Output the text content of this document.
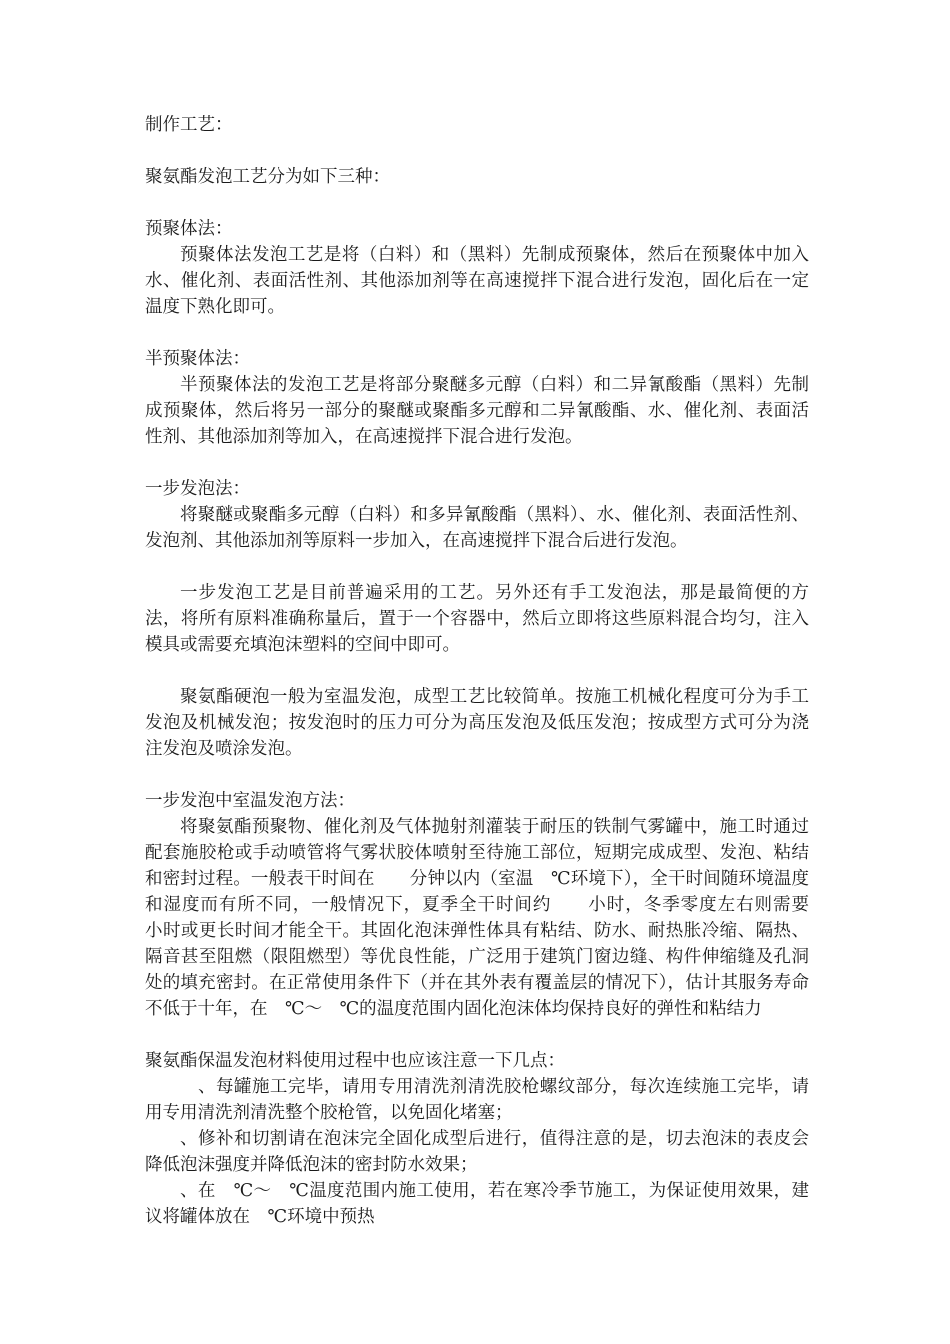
制作工艺：

聚氨酯发泡工艺分为如下三种：

预聚体法：

预聚体法发泡工艺是将（白料）和（黑料）先制成预聚体，然后在预聚体中加入水、催化剂、表面活性剂、其他添加剂等在高速搅拌下混合进行发泡，固化后在一定温度下熟化即可。

半预聚体法：

半预聚体法的发泡工艺是将部分聚醚多元醇（白料）和二异氰酸酯（黑料）先制成预聚体，然后将另一部分的聚醚或聚酯多元醇和二异氰酸酯、水、催化剂、表面活性剂、其他添加剂等加入，在高速搅拌下混合进行发泡。

一步发泡法：

将聚醚或聚酯多元醇（白料）和多异氰酸酯（黑料）、水、催化剂、表面活性剂、发泡剂、其他添加剂等原料一步加入，在高速搅拌下混合后进行发泡。

一步发泡工艺是目前普遍采用的工艺。另外还有手工发泡法，那是最简便的方法，将所有原料准确称量后，置于一个容器中，然后立即将这些原料混合均匀，注入模具或需要充填泡沫塑料的空间中即可。

聚氨酯硬泡一般为室温发泡，成型工艺比较简单。按施工机械化程度可分为手工发泡及机械发泡；按发泡时的压力可分为高压发泡及低压发泡；按成型方式可分为浇注发泡及喷涂发泡。

一步发泡中室温发泡方法：

将聚氨酯预聚物、催化剂及气体抛射剂灌装于耐压的铁制气雾罐中，施工时通过配套施胶枪或手动喷管将气雾状胶体喷射至待施工部位，短期完成成型、发泡、粘结和密封过程。一般表干时间在　　分钟以内（室温　℃环境下），全干时间随环境温度和湿度而有所不同，一般情况下，夏季全干时间约　　小时，冬季零度左右则需要　　小时或更长时间才能全干。其固化泡沫弹性体具有粘结、防水、耐热胀冷缩、隔热、隔音甚至阻燃（限阻燃型）等优良性能，广泛用于建筑门窗边缝、构件伸缩缝及孔洞处的填充密封。在正常使用条件下（并在其外表有覆盖层的情况下），估计其服务寿命不低于十年，在　℃～　℃的温度范围内固化泡沫体均保持良好的弹性和粘结力

聚氨酯保温发泡材料使用过程中也应该注意一下几点：

　、每罐施工完毕，请用专用清洗剂清洗胶枪螺纹部分，每次连续施工完毕，请用专用清洗剂清洗整个胶枪管，以免固化堵塞；

、修补和切割请在泡沫完全固化成型后进行，值得注意的是，切去泡沫的表皮会降低泡沫强度并降低泡沫的密封防水效果；

、在　℃～　℃温度范围内施工使用，若在寒冷季节施工，为保证使用效果，建议将罐体放在　℃环境中预热
